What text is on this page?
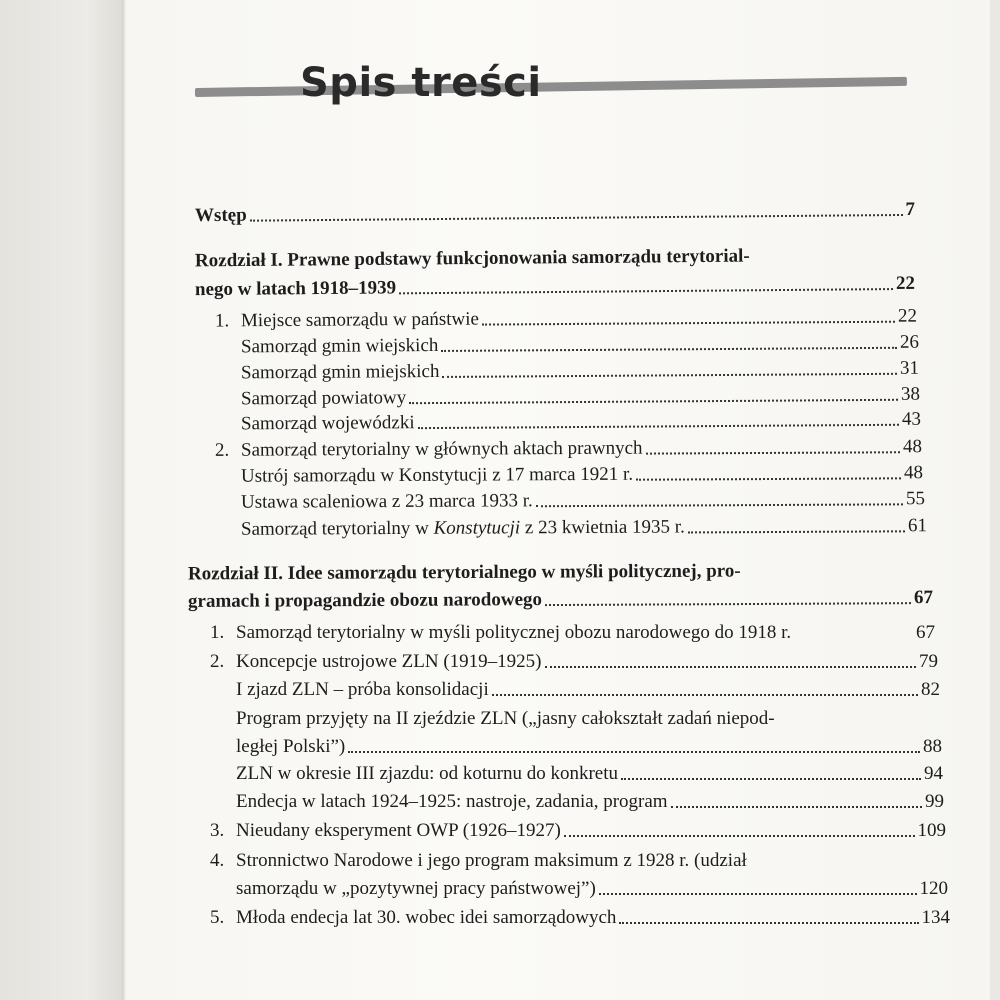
Spis treści
Wstęp	7
Rozdział I. Prawne podstawy funkcjonowania samorządu terytorial-
nego w latach 1918–1939	22
1. Miejsce samorządu w państwie	22
Samorząd gmin wiejskich	26
Samorząd gmin miejskich	31
Samorząd powiatowy	38
Samorząd wojewódzki	43
2. Samorząd terytorialny w głównych aktach prawnych	48
Ustrój samorządu w Konstytucji z 17 marca 1921 r.	48
Ustawa scaleniowa z 23 marca 1933 r.	55
Samorząd terytorialny w Konstytucji z 23 kwietnia 1935 r.	61
Rozdział II. Idee samorządu terytorialnego w myśli politycznej, pro-
gramach i propagandzie obozu narodowego	67
1. Samorząd terytorialny w myśli politycznej obozu narodowego do 1918 r.	67
2. Koncepcje ustrojowe ZLN (1919–1925)	79
I zjazd ZLN – próba konsolidacji	82
Program przyjęty na II zjeździe ZLN („jasny całokształt zadań niepod-
ległej Polski”)	88
ZLN w okresie III zjazdu: od koturnu do konkretu	94
Endecja w latach 1924–1925: nastroje, zadania, program	99
3. Nieudany eksperyment OWP (1926–1927)	109
4. Stronnictwo Narodowe i jego program maksimum z 1928 r. (udział
samorządu w „pozytywnej pracy państwowej”)	120
5. Młoda endecja lat 30. wobec idei samorządowych	134
